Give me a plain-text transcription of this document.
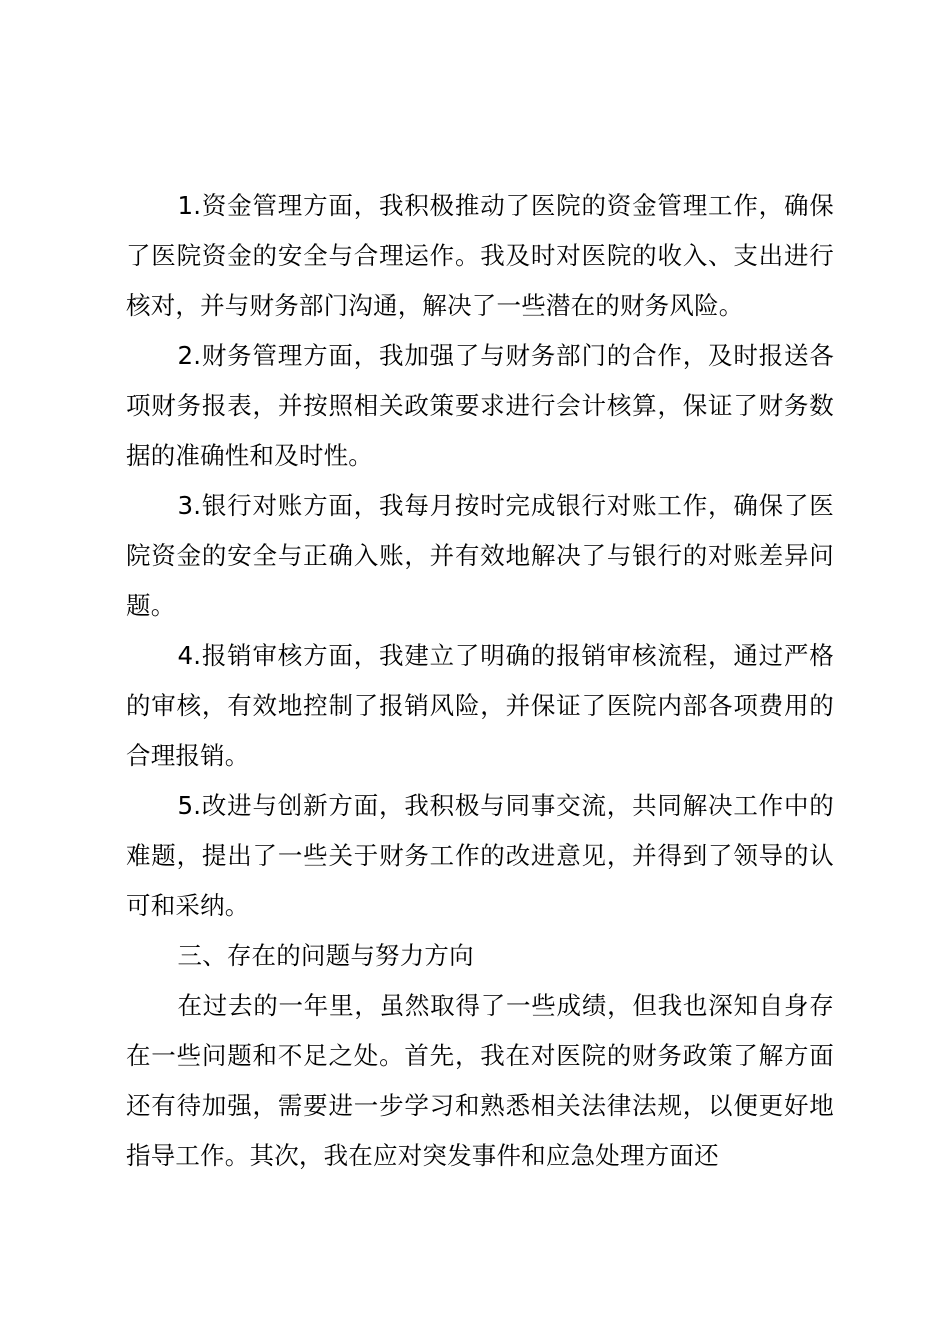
1.资金管理方面，我积极推动了医院的资金管理工作，确保了医院资金的安全与合理运作。我及时对医院的收入、支出进行核对，并与财务部门沟通，解决了一些潜在的财务风险。

2.财务管理方面，我加强了与财务部门的合作，及时报送各项财务报表，并按照相关政策要求进行会计核算，保证了财务数据的准确性和及时性。

3.银行对账方面，我每月按时完成银行对账工作，确保了医院资金的安全与正确入账，并有效地解决了与银行的对账差异问题。

4.报销审核方面，我建立了明确的报销审核流程，通过严格的审核，有效地控制了报销风险，并保证了医院内部各项费用的合理报销。

5.改进与创新方面，我积极与同事交流，共同解决工作中的难题，提出了一些关于财务工作的改进意见，并得到了领导的认可和采纳。

三、存在的问题与努力方向

在过去的一年里，虽然取得了一些成绩，但我也深知自身存在一些问题和不足之处。首先，我在对医院的财务政策了解方面还有待加强，需要进一步学习和熟悉相关法律法规，以便更好地指导工作。其次，我在应对突发事件和应急处理方面还
